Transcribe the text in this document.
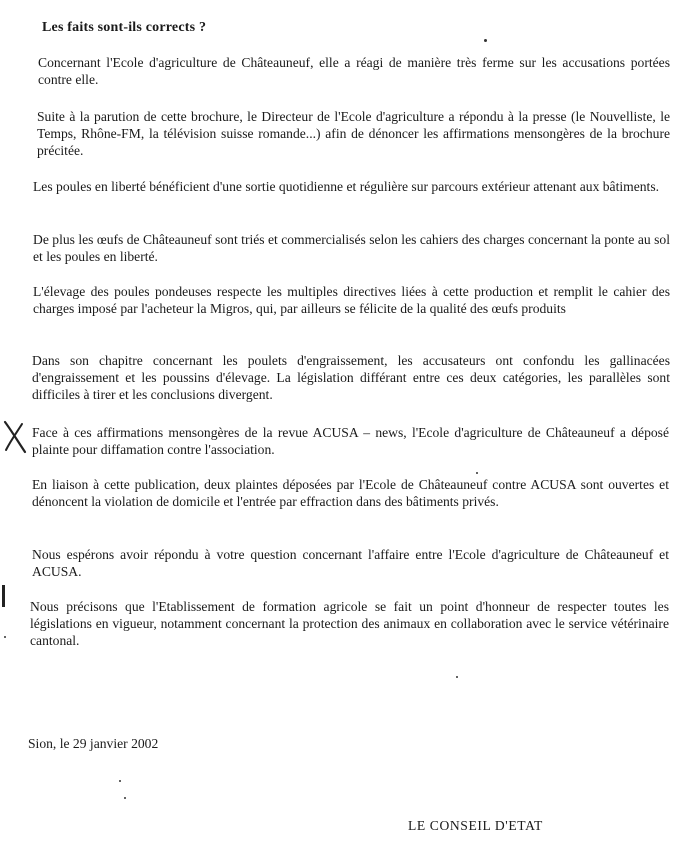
Les faits sont-ils corrects ?

Concernant l'Ecole d'agriculture de Châteauneuf, elle a réagi de manière très ferme sur les accusations portées contre elle.

Suite à la parution de cette brochure, le Directeur de l'Ecole d'agriculture a répondu à la presse (le Nouvelliste, le Temps, Rhône-FM, la télévision suisse romande...) afin de dénoncer les affirmations mensongères de la brochure précitée.

Les poules en liberté bénéficient d'une sortie quotidienne et régulière sur parcours extérieur attenant aux bâtiments.

De plus les œufs de Châteauneuf sont triés et commercialisés selon les cahiers des charges concernant la ponte au sol et les poules en liberté.

L'élevage des poules pondeuses respecte les multiples directives liées à cette production et remplit le cahier des charges imposé par l'acheteur la Migros, qui, par ailleurs se félicite de la qualité des œufs produits

Dans son chapitre concernant les poulets d'engraissement, les accusateurs ont confondu les gallinacées d'engraissement et les poussins d'élevage. La législation différant entre ces deux catégories, les parallèles sont difficiles à tirer et les conclusions divergent.

Face à ces affirmations mensongères de la revue ACUSA – news, l'Ecole d'agriculture de Châteauneuf a déposé plainte pour diffamation contre l'association.

En liaison à cette publication, deux plaintes déposées par l'Ecole de Châteauneuf contre ACUSA sont ouvertes et dénoncent la violation de domicile et l'entrée par effraction dans des bâtiments privés.

Nous espérons avoir répondu à votre question concernant l'affaire entre l'Ecole d'agriculture de Châteauneuf et ACUSA.

Nous précisons que l'Etablissement de formation agricole se fait un point d'honneur de respecter toutes les législations en vigueur, notamment concernant la protection des animaux en collaboration avec le service vétérinaire cantonal.

Sion, le 29 janvier 2002
LE CONSEIL D'ETAT
